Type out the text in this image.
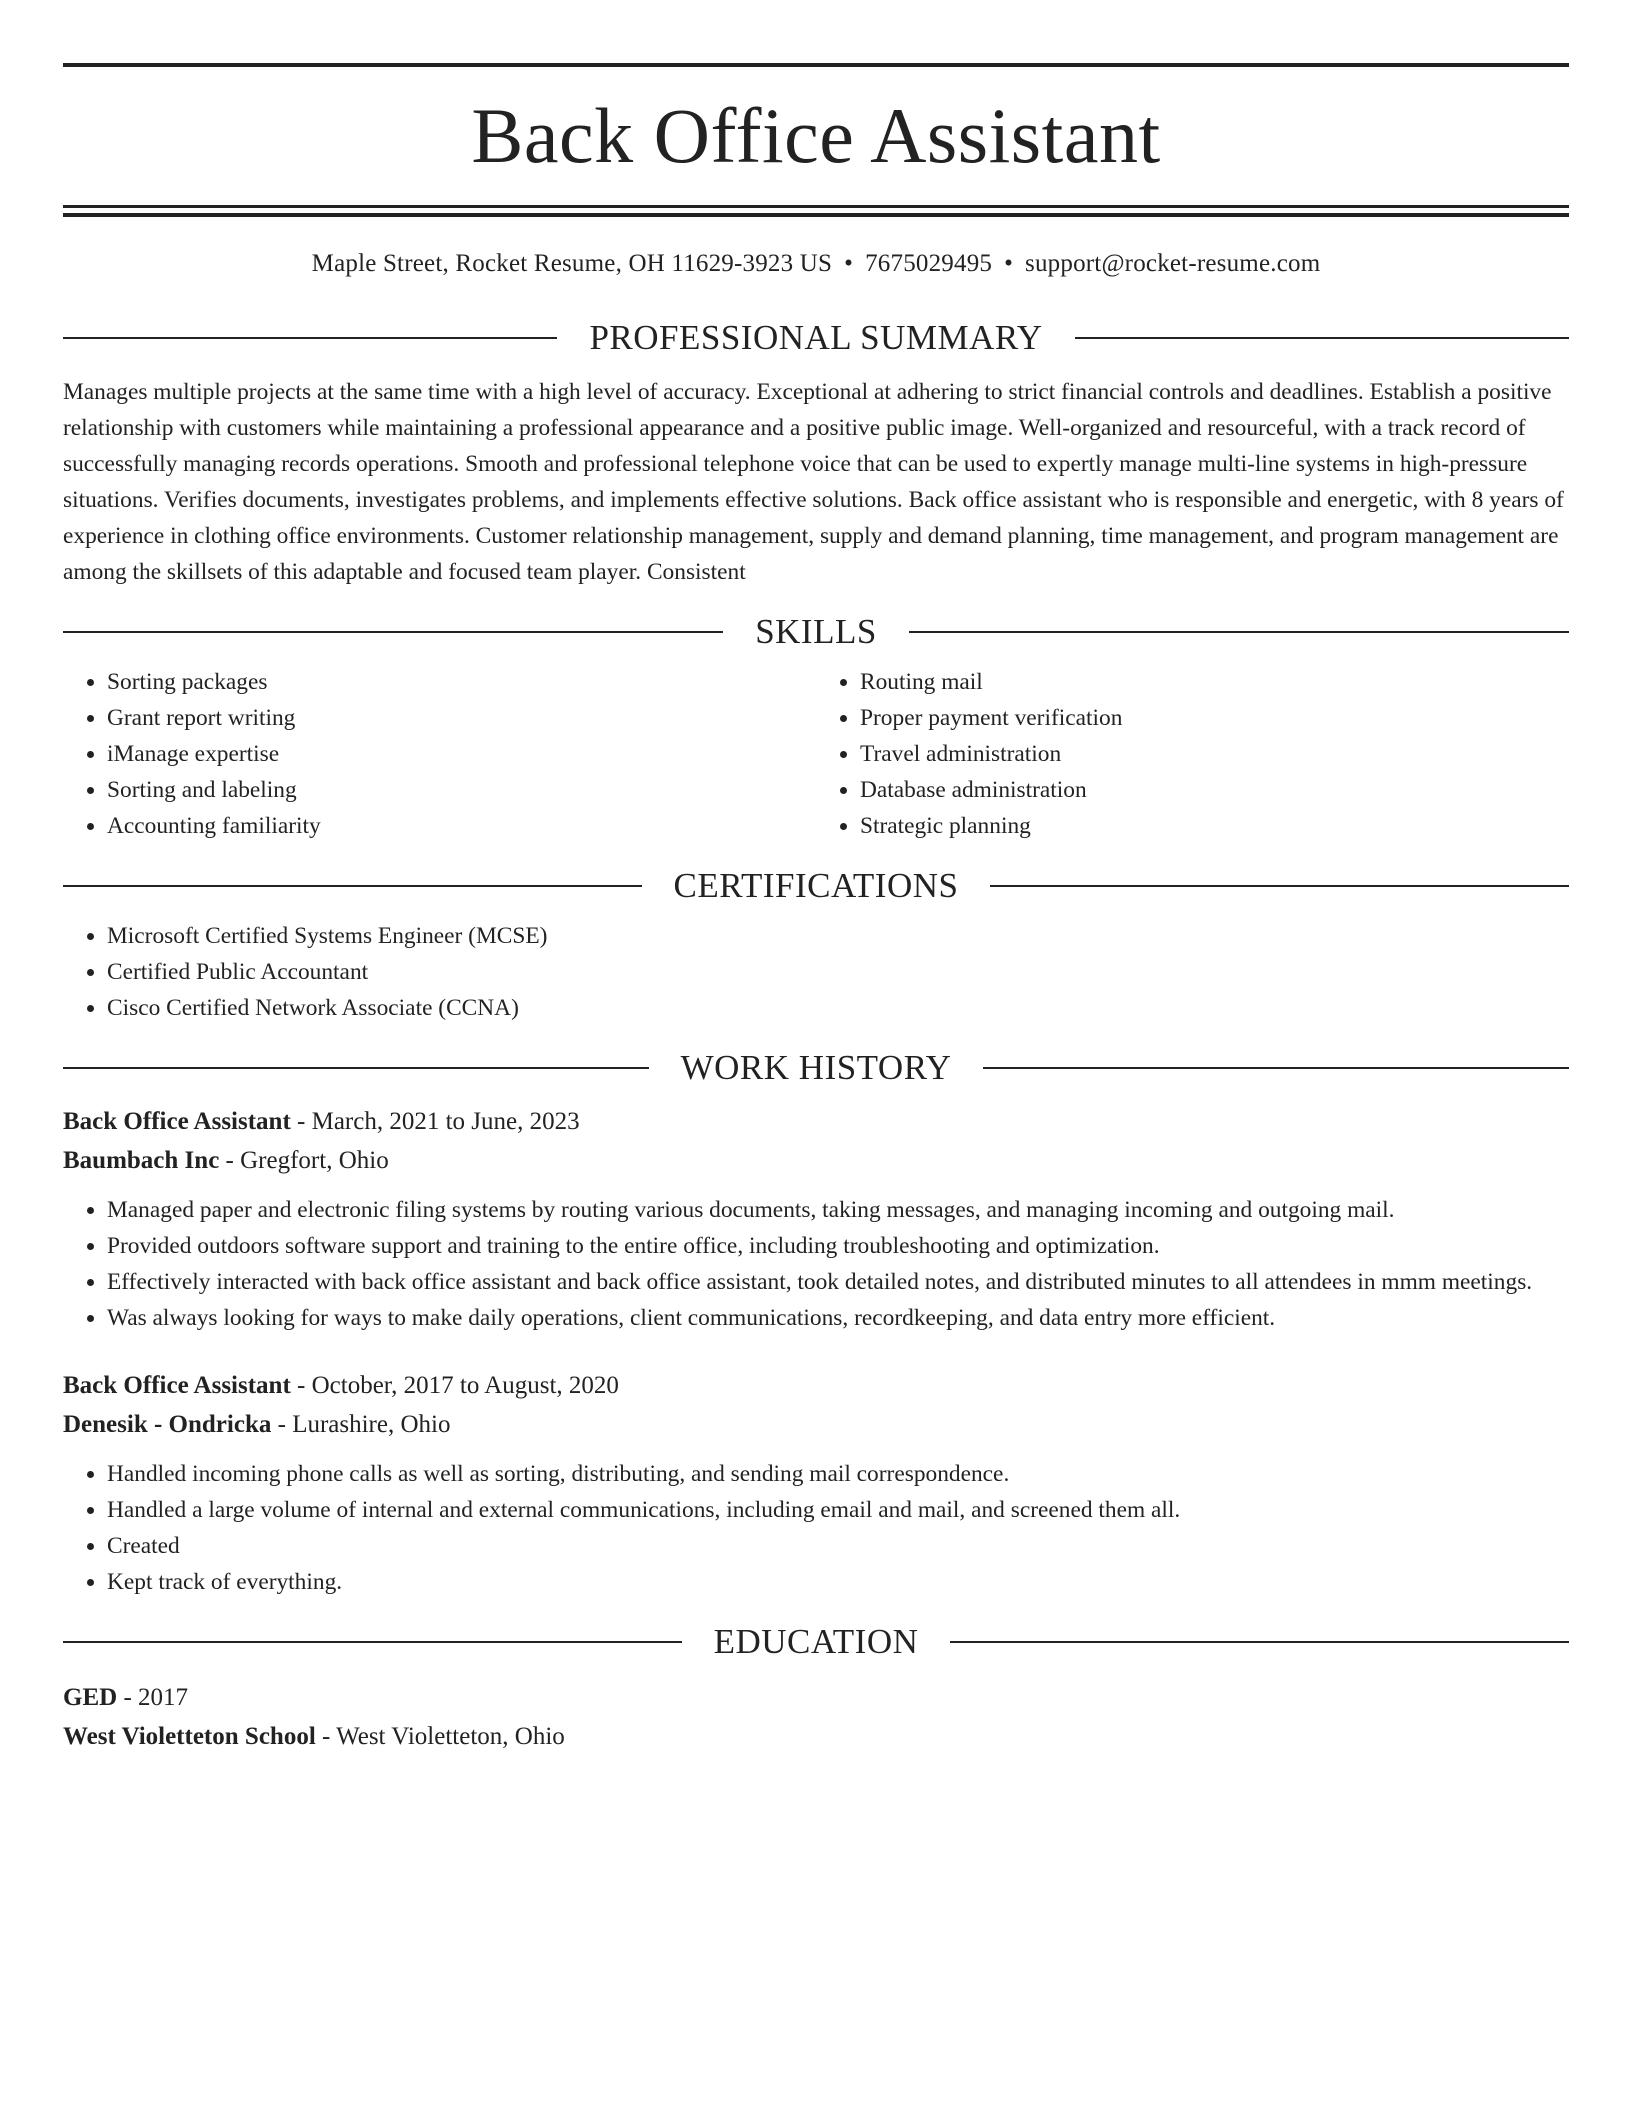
Back Office Assistant
Maple Street, Rocket Resume, OH 11629-3923 US • 7675029495 • support@rocket-resume.com
PROFESSIONAL SUMMARY
Manages multiple projects at the same time with a high level of accuracy. Exceptional at adhering to strict financial controls and deadlines. Establish a positive relationship with customers while maintaining a professional appearance and a positive public image. Well-organized and resourceful, with a track record of successfully managing records operations. Smooth and professional telephone voice that can be used to expertly manage multi-line systems in high-pressure situations. Verifies documents, investigates problems, and implements effective solutions. Back office assistant who is responsible and energetic, with 8 years of experience in clothing office environments. Customer relationship management, supply and demand planning, time management, and program management are among the skillsets of this adaptable and focused team player. Consistent
SKILLS
• Sorting packages
• Grant report writing
• iManage expertise
• Sorting and labeling
• Accounting familiarity
• Routing mail
• Proper payment verification
• Travel administration
• Database administration
• Strategic planning
CERTIFICATIONS
• Microsoft Certified Systems Engineer (MCSE)
• Certified Public Accountant
• Cisco Certified Network Associate (CCNA)
WORK HISTORY
Back Office Assistant - March, 2021 to June, 2023
Baumbach Inc - Gregfort, Ohio
• Managed paper and electronic filing systems by routing various documents, taking messages, and managing incoming and outgoing mail.
• Provided outdoors software support and training to the entire office, including troubleshooting and optimization.
• Effectively interacted with back office assistant and back office assistant, took detailed notes, and distributed minutes to all attendees in mmm meetings.
• Was always looking for ways to make daily operations, client communications, recordkeeping, and data entry more efficient.
Back Office Assistant - October, 2017 to August, 2020
Denesik - Ondricka - Lurashire, Ohio
• Handled incoming phone calls as well as sorting, distributing, and sending mail correspondence.
• Handled a large volume of internal and external communications, including email and mail, and screened them all.
• Created
• Kept track of everything.
EDUCATION
GED - 2017
West Violetteton School - West Violetteton, Ohio
